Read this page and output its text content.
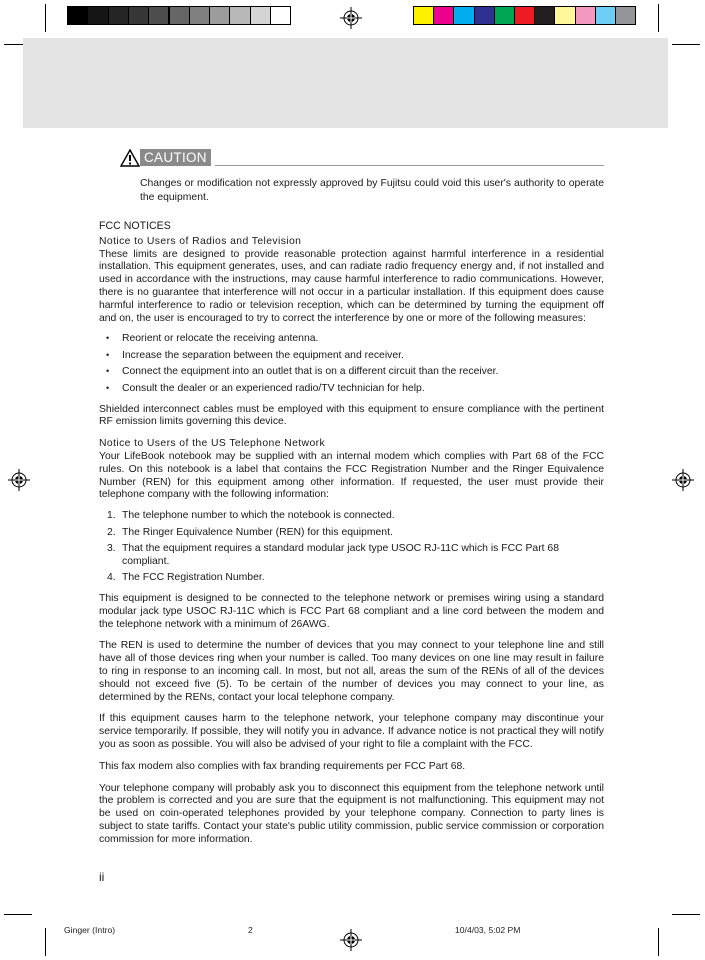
CAUTION
Changes or modification not expressly approved by Fujitsu could void this user's authority to operate the equipment.
FCC NOTICES
Notice to Users of Radios and Television

These limits are designed to provide reasonable protection against harmful interference in a residential installation. This equipment generates, uses, and can radiate radio frequency energy and, if not installed and used in accordance with the instructions, may cause harmful interference to radio communications. However, there is no guarantee that interference will not occur in a particular installation. If this equipment does cause harmful interference to radio or television reception, which can be determined by turning the equipment off and on, the user is encouraged to try to correct the interference by one or more of the following measures:

• Reorient or relocate the receiving antenna.
• Increase the separation between the equipment and receiver.
• Connect the equipment into an outlet that is on a different circuit than the receiver.
• Consult the dealer or an experienced radio/TV technician for help.

Shielded interconnect cables must be employed with this equipment to ensure compliance with the pertinent RF emission limits governing this device.

Notice to Users of the US Telephone Network

Your LifeBook notebook may be supplied with an internal modem which complies with Part 68 of the FCC rules. On this notebook is a label that contains the FCC Registration Number and the Ringer Equivalence Number (REN) for this equipment among other information. If requested, the user must provide their telephone company with the following information:

1. The telephone number to which the notebook is connected.
2. The Ringer Equivalence Number (REN) for this equipment.
3. That the equipment requires a standard modular jack type USOC RJ-11C which is FCC Part 68 compliant.
4. The FCC Registration Number.

This equipment is designed to be connected to the telephone network or premises wiring using a standard modular jack type USOC RJ-11C which is FCC Part 68 compliant and a line cord between the modem and the telephone network with a minimum of 26AWG.

The REN is used to determine the number of devices that you may connect to your telephone line and still have all of those devices ring when your number is called. Too many devices on one line may result in failure to ring in response to an incoming call. In most, but not all, areas the sum of the RENs of all of the devices should not exceed five (5). To be certain of the number of devices you may connect to your line, as determined by the RENs, contact your local telephone company.

If this equipment causes harm to the telephone network, your telephone company may discontinue your service temporarily. If possible, they will notify you in advance. If advance notice is not practical they will notify you as soon as possible. You will also be advised of your right to file a complaint with the FCC.

This fax modem also complies with fax branding requirements per FCC Part 68.

Your telephone company will probably ask you to disconnect this equipment from the telephone network until the problem is corrected and you are sure that the equipment is not malfunctioning. This equipment may not be used on coin-operated telephones provided by your telephone company. Connection to party lines is subject to state tariffs. Contact your state's public utility commission, public service commission or corporation commission for more information.

ii
Ginger (Intro)	2	10/4/03, 5:02 PM
